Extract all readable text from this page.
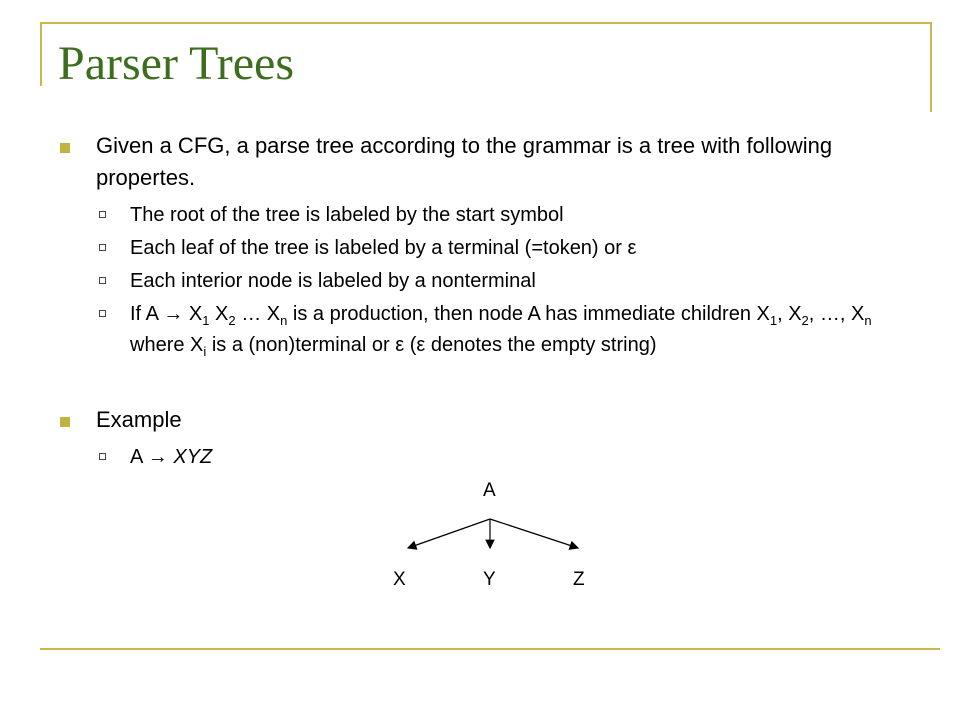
Parser Trees
Given a CFG, a parse tree according to the grammar is a tree with following propertes.
The root of the tree is labeled by the start symbol
Each leaf of the tree is labeled by a terminal (=token) or ε
Each interior node is labeled by a nonterminal
If $A \to X_1$ $X_2$ … $X_n$ is a production, then node A has immediate children $X_1$, $X_2$, …, $X_n$ where $X_i$ is a (non)terminal or ε (ε denotes the empty string)
Example
A → XYZ
A
X	Y	Z
